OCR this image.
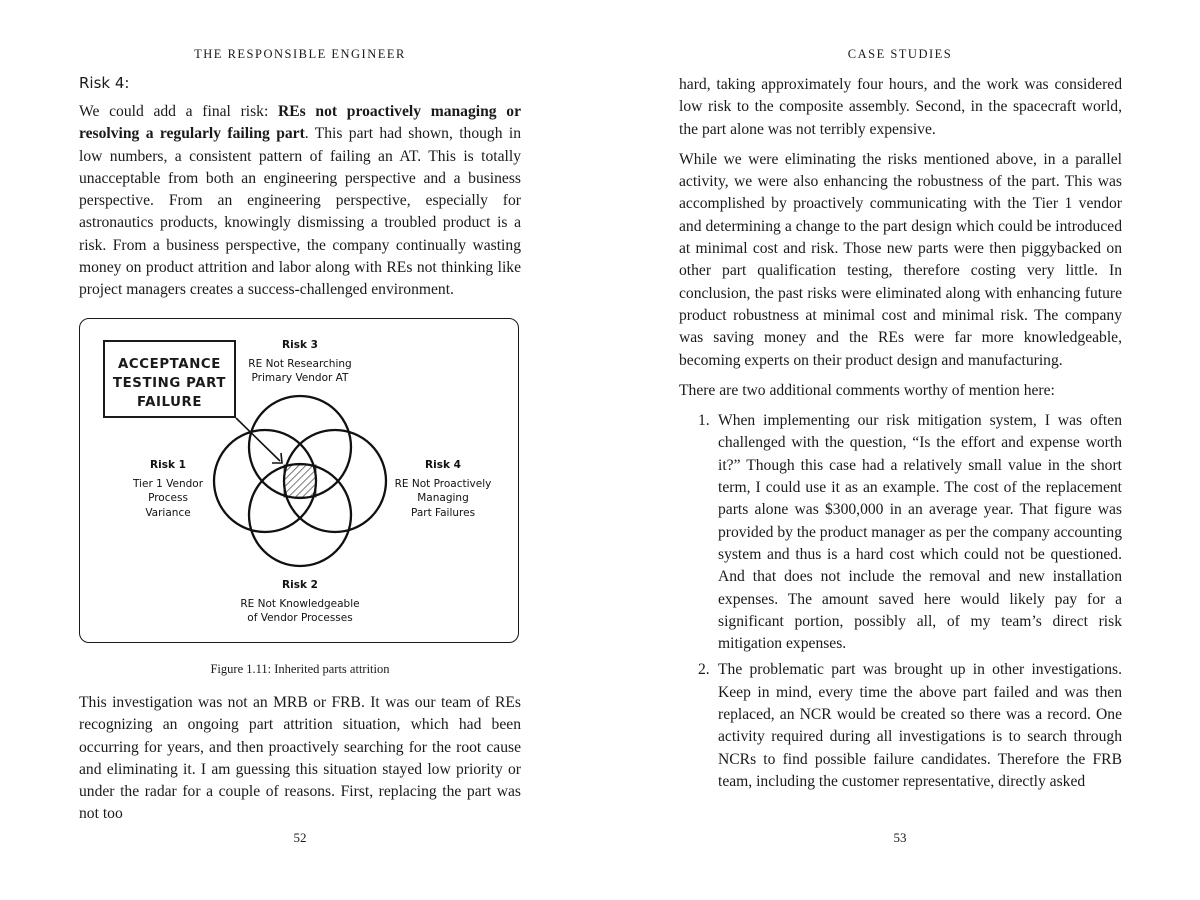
THE RESPONSIBLE ENGINEER
Risk 4:

We could add a final risk: REs not proactively managing or resolving a regularly failing part. This part had shown, though in low numbers, a consistent pattern of failing an AT. This is totally unacceptable from both an engineering perspective and a business perspective. From an engineering perspective, especially for astronautics products, knowingly dismissing a troubled product is a risk. From a business perspective, the company continually wasting money on product attrition and labor along with REs not thinking like project managers creates a success-challenged environment.

ACCEPTANCE
TESTING PART
FAILURE
Risk 3
RE Not Researching
Primary Vendor AT
Risk 1
Tier 1 Vendor
Process
Variance
Risk 4
RE Not Proactively
Managing
Part Failures
Risk 2
RE Not Knowledgeable
of Vendor Processes
Figure 1.11: Inherited parts attrition

This investigation was not an MRB or FRB. It was our team of REs recognizing an ongoing part attrition situation, which had been occurring for years, and then proactively searching for the root cause and eliminating it. I am guessing this situation stayed low priority or under the radar for a couple of reasons. First, replacing the part was not too

52
CASE STUDIES

hard, taking approximately four hours, and the work was considered low risk to the composite assembly. Second, in the spacecraft world, the part alone was not terribly expensive.

While we were eliminating the risks mentioned above, in a parallel activity, we were also enhancing the robustness of the part. This was accomplished by proactively communicating with the Tier 1 vendor and determining a change to the part design which could be introduced at minimal cost and risk. Those new parts were then piggybacked on other part qualification testing, therefore costing very little. In conclusion, the past risks were eliminated along with enhancing future product robustness at minimal cost and minimal risk. The company was saving money and the REs were far more knowledgeable, becoming experts on their product design and manufacturing.

There are two additional comments worthy of mention here:

1. When implementing our risk mitigation system, I was often challenged with the question, “Is the effort and expense worth it?” Though this case had a relatively small value in the short term, I could use it as an example. The cost of the replacement parts alone was $300,000 in an average year. That figure was provided by the product manager as per the company accounting system and thus is a hard cost which could not be questioned. And that does not include the removal and new installation expenses. The amount saved here would likely pay for a significant portion, possibly all, of my team’s direct risk mitigation expenses.
2. The problematic part was brought up in other investigations. Keep in mind, every time the above part failed and was then replaced, an NCR would be created so there was a record. One activity required during all investigations is to search through NCRs to find possible failure candidates. Therefore the FRB team, including the customer representative, directly asked
53
